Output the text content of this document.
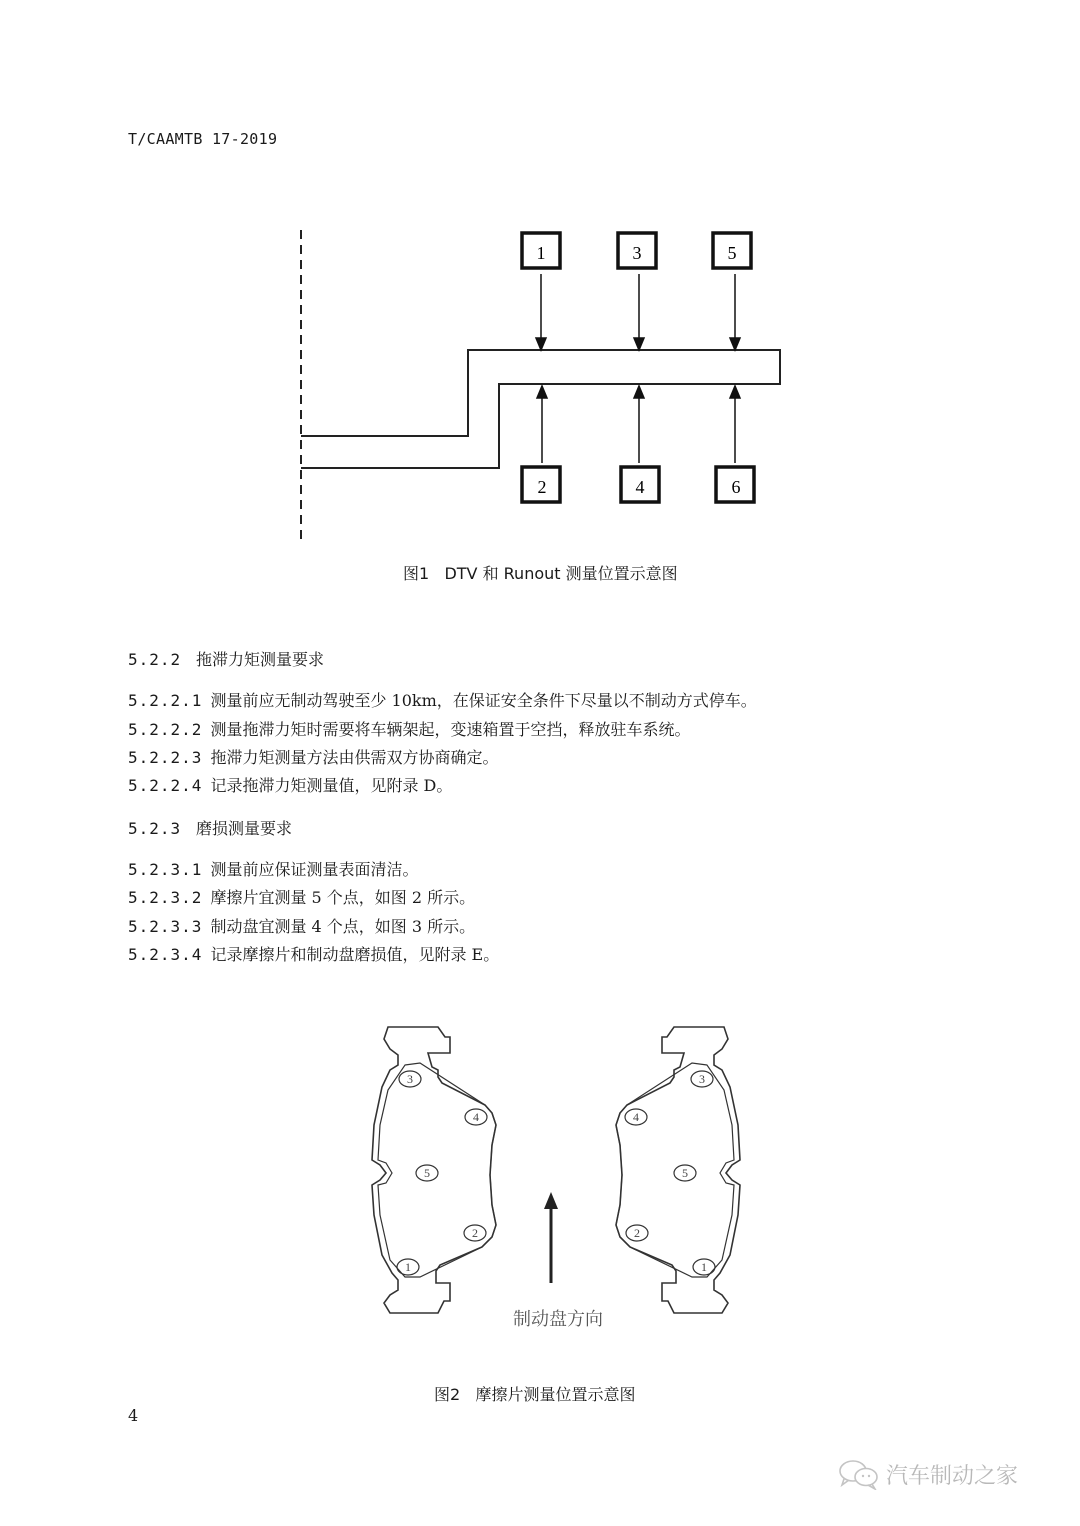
T/CAAMTB 17-2019
1	3	5
2	4	6
图1   DTV 和 Runout 测量位置示意图
5.2.2 拖滞力矩测量要求
5.2.2.1 测量前应无制动驾驶至少 10km，在保证安全条件下尽量以不制动方式停车。
5.2.2.2 测量拖滞力矩时需要将车辆架起，变速箱置于空挡，释放驻车系统。
5.2.2.3 拖滞力矩测量方法由供需双方协商确定。
5.2.2.4 记录拖滞力矩测量值，见附录 D。
5.2.3 磨损测量要求
5.2.3.1 测量前应保证测量表面清洁。
5.2.3.2 摩擦片宜测量 5 个点，如图 2 所示。
5.2.3.3 制动盘宜测量 4 个点，如图 3 所示。
5.2.3.4 记录摩擦片和制动盘磨损值，见附录 E。
3
4
5
2
1
3
4
5
2
1
制动盘方向
图2   摩擦片测量位置示意图
4
汽车制动之家
